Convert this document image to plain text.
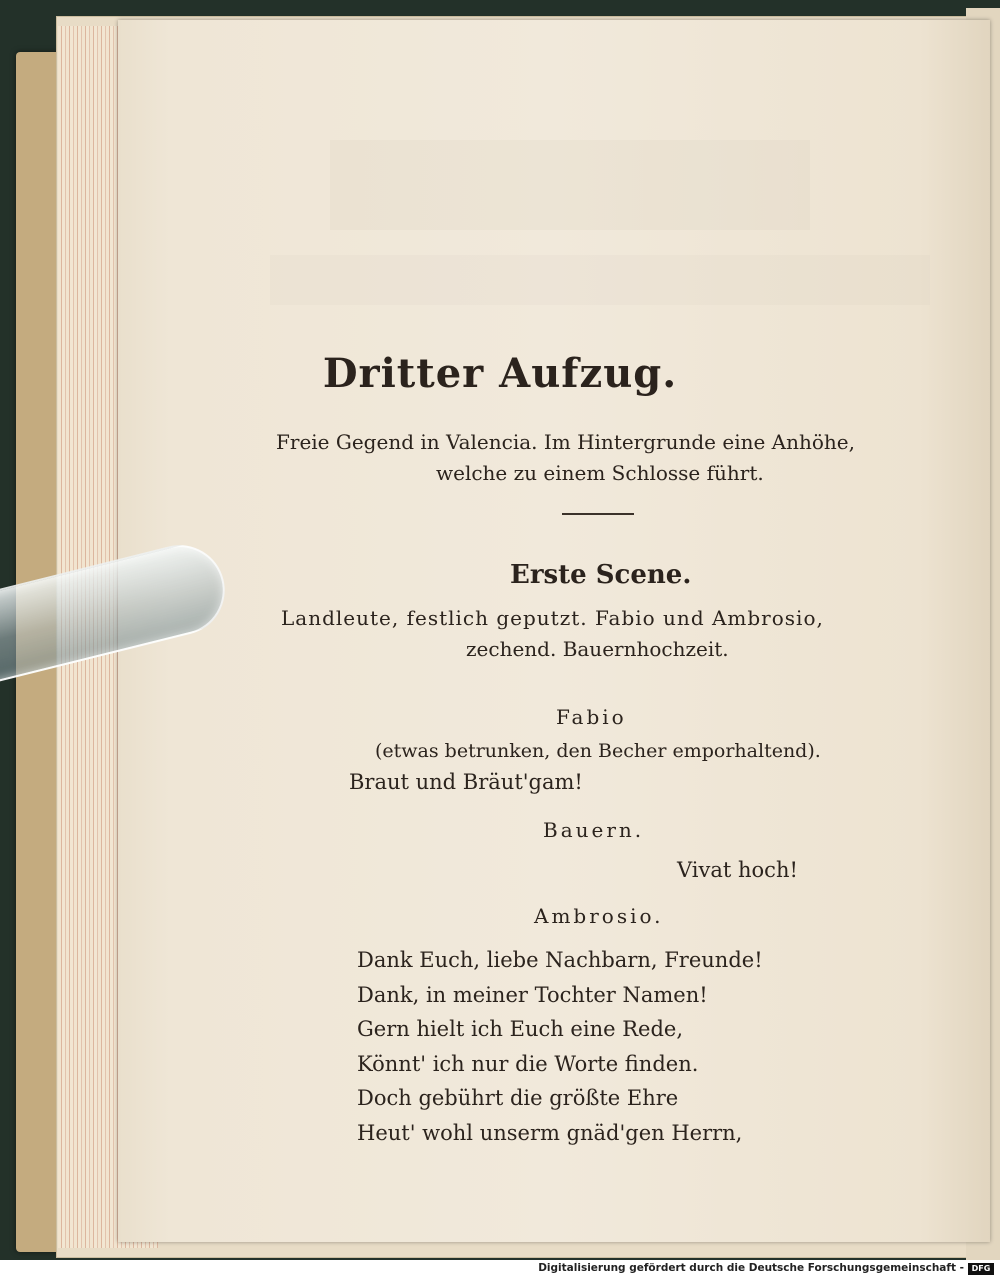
Dritter Aufzug.
Freie Gegend in Valencia. Im Hintergrunde eine Anhöhe,
welche zu einem Schlosse führt.
Erste Scene.
Landleute, festlich geputzt. Fabio und Ambrosio,
zechend. Bauernhochzeit.
Fabio
(etwas betrunken, den Becher emporhaltend).
Braut und Bräut'gam!
Bauern.
Vivat hoch!
Ambrosio.
Dank Euch, liebe Nachbarn, Freunde!
Dank, in meiner Tochter Namen!
Gern hielt ich Euch eine Rede,
Könnt' ich nur die Worte finden.
Doch gebührt die größte Ehre
Heut' wohl unserm gnäd'gen Herrn,
Digitalisierung gefördert durch die Deutsche Forschungsgemeinschaft - DFG
